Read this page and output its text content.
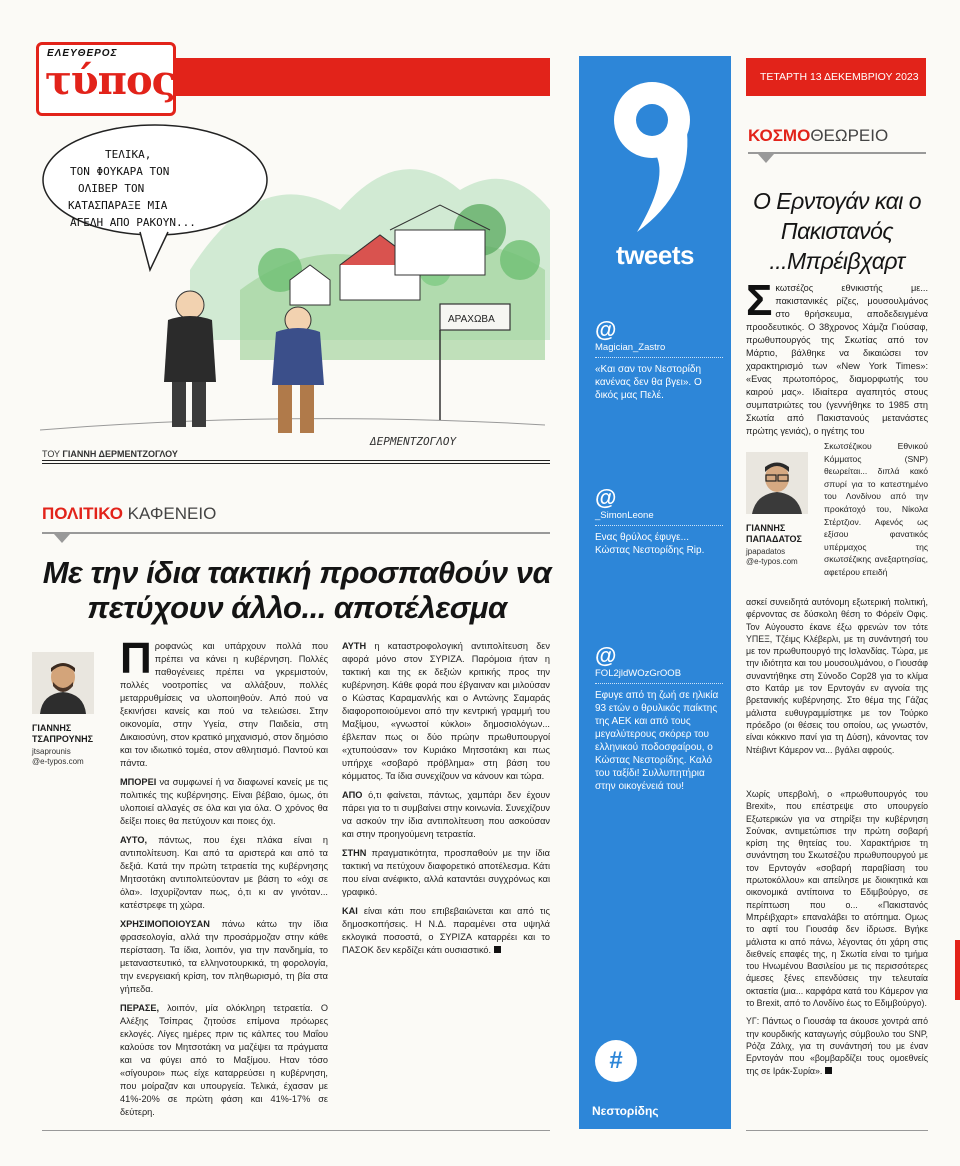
ΕΛΕΥΘΕΡΟΣ
τύπος
ΑΡΑΧΩΒΑ
ΤΕΛΙΚΑ, ΤΟΝ ΦΟΥΚΑΡΑ ΤΟΝ ΟΛΙΒΕΡ ΤΟΝ ΚΑΤΑΣΠΑΡΑΞΕ ΜΙΑ ΑΓΕΛΗ ΑΠΟ ΡΑΚΟΥΝ...
ΔΕΡΜΕΝΤΖΟΓΛΟΥ
ΤΟΥ ΓΙΑΝΝΗ ΔΕΡΜΕΝΤΖΟΓΛΟΥ
ΠΟΛΙΤΙΚΟ ΚΑΦΕΝΕΙΟ
Με την ίδια τακτική προσπαθούν να πετύχουν άλλο... αποτέλεσμα
ΓΙΑΝΝΗΣ
ΤΣΑΠΡΟΥΝΗΣ
jtsaprounis
@e-typos.com

Προφανώς και υπάρχουν πολλά που πρέπει να κάνει η κυβέρνηση. Πολλές παθογένειες πρέπει να γκρεμιστούν, πολλές νοοτροπίες να αλλάξουν, πολλές μεταρρυθμίσεις να υλοποιηθούν. Από πού να ξεκινήσει κανείς και πού να τελειώσει. Στην οικονομία, στην Υγεία, στην Παιδεία, στη Δικαιοσύνη, στον κρατικό μηχανισμό, στον δημόσιο και τον ιδιωτικό τομέα, στον αθλητισμό. Παντού και πάντα.

ΜΠΟΡΕΙ να συμφωνεί ή να διαφωνεί κανείς με τις πολιτικές της κυβέρνησης. Είναι βέβαιο, όμως, ότι υλοποιεί αλλαγές σε όλα και για όλα. Ο χρόνος θα δείξει ποιες θα πετύχουν και ποιες όχι.

ΑΥΤΟ, πάντως, που έχει πλάκα είναι η αντιπολίτευση. Και από τα αριστερά και από τα δεξιά. Κατά την πρώτη τετραετία της κυβέρνησης Μητσοτάκη αντιπολιτεύονταν με βάση το «όχι σε όλα». Ισχυρίζονταν πως, ό,τι κι αν γινόταν... κατέστρεφε τη χώρα.

ΧΡΗΣΙΜΟΠΟΙΟΥΣΑΝ πάνω κάτω την ίδια φρασεολογία, αλλά την προσάρμοζαν στην κάθε περίσταση. Τα ίδια, λοιπόν, για την πανδημία, το μεταναστευτικό, τα ελληνοτουρκικά, τη φορολογία, την ενεργειακή κρίση, τον πληθωρισμό, τη βία στα γήπεδα.

ΠΕΡΑΣΕ, λοιπόν, μία ολόκληρη τετραετία. Ο Αλέξης Τσίπρας ζητούσε επίμονα πρόωρες εκλογές. Λίγες ημέρες πριν τις κάλπες του Μαΐου καλούσε τον Μητσοτάκη να μαζέψει τα πράγματα και να φύγει από το Μαξίμου. Ηταν τόσο «σίγουροι» πως είχε καταρρεύσει η κυβέρνηση, που μοίραζαν και υπουργεία. Τελικά, έχασαν με 41%-20% σε πρώτη φάση και 41%-17% σε δεύτερη.

ΑΥΤΗ η καταστροφολογική αντιπολίτευση δεν αφορά μόνο στον ΣΥΡΙΖΑ. Παρόμοια ήταν η τακτική και της εκ δεξιών κριτικής προς την κυβέρνηση. Κάθε φορά που έβγαιναν και μιλούσαν ο Κώστας Καραμανλής και ο Αντώνης Σαμαράς διαφοροποιούμενοι από την κεντρική γραμμή του Μαξίμου, «γνωστοί κύκλοι» δημοσιολόγων... έβλεπαν πως οι δύο πρώην πρωθυπουργοί «χτυπούσαν» τον Κυριάκο Μητσοτάκη και πως υπήρχε «σοβαρό πρόβλημα» στη βάση του κόμματος. Τα ίδια συνεχίζουν να κάνουν και τώρα.

ΑΠΟ ό,τι φαίνεται, πάντως, χαμπάρι δεν έχουν πάρει για το τι συμβαίνει στην κοινωνία. Συνεχίζουν να ασκούν την ίδια αντιπολίτευση που ασκούσαν και στην προηγούμενη τετραετία.

ΣΤΗΝ πραγματικότητα, προσπαθούν με την ίδια τακτική να πετύχουν διαφορετικό αποτέλεσμα. Κάτι που είναι ανέφικτο, αλλά καταντάει συγχρόνως και γραφικό.

ΚΑΙ είναι κάτι που επιβεβαιώνεται και από τις δημοσκοπήσεις. Η Ν.Δ. παραμένει στα υψηλά εκλογικά ποσοστά, ο ΣΥΡΙΖΑ καταρρέει και το ΠΑΣΟΚ δεν κερδίζει κάτι ουσιαστικό.

tweets
@
Magician_Zastro
«Και σαν τον Νεστορίδη κανένας δεν θα βγει». Ο δικός μας Πελέ.
@
_SimonLeone
Ενας θρύλος έφυγε... Κώστας Νεστορίδης Rip.
@
FOL2jldWOzGrOOB
Εφυγε από τη ζωή σε ηλικία 93 ετών ο θρυλικός παίκτης της ΑΕΚ και από τους μεγαλύτερους σκόρερ του ελληνικού ποδοσφαίρου, ο Κώστας Νεστορίδης. Καλό του ταξίδι! Συλλυπητήρια στην οικογένειά του!
#
Νεστορίδης
ΤΕΤΑΡΤΗ 13 ΔΕΚΕΜΒΡΙΟΥ 2023
ΚΟΣΜΟΘΕΩΡΕΙΟ
Ο Ερντογάν και ο Πακιστανός ...Μπρέιβχαρτ

Σκωτσέζος εθνικιστής με... πακιστανικές ρίζες, μουσουλμάνος στο θρήσκευμα, αποδεδειγμένα προοδευτικός. Ο 38χρονος Χάμζα Γιούσαφ, πρωθυπουργός της Σκωτίας από τον Μάρτιο, βάλθηκε να δικαιώσει τον χαρακτηρισμό των «New York Times»: «Ενας πρωτοπόρος, διαμορφωτής του καιρού μας». Ιδιαίτερα αγαπητός στους συμπατριώτες του (γεννήθηκε το 1985 στη Σκωτία από Πακιστανούς μετανάστες πρώτης γενιάς), ο ηγέτης του

ΓΙΑΝΝΗΣ
ΠΑΠΑΔΑΤΟΣ
jpapadatos
@e-typos.com

Σκωτσέζικου Εθνικού Κόμματος (SNP) θεωρείται... διπλά κακό σπυρί για το κατεστημένο του Λονδίνου από την προκάτοχό του, Νίκολα Στέρτζιον. Αφενός ως εξίσου φανατικός υπέρμαχος της σκωτσέζικης ανεξαρτησίας, αφετέρου επειδή

ασκεί συνειδητά αυτόνομη εξωτερική πολιτική, φέρνοντας σε δύσκολη θέση το Φόρεϊν Οφις. Τον Αύγουστο έκανε έξω φρενών τον τότε ΥΠΕΞ, Τζέιμς Κλέβερλι, με τη συνάντησή του με τον πρωθυπουργό της Ισλανδίας. Τώρα, με την ιδιότητα και του μουσουλμάνου, ο Γιουσάφ συναντήθηκε στη Σύνοδο Cop28 για το κλίμα στο Κατάρ με τον Ερντογάν εν αγνοία της βρετανικής κυβέρνησης. Στο θέμα της Γάζας μάλιστα ευθυγραμμίστηκε με τον Τούρκο πρόεδρο (οι θέσεις του οποίου, ως γνωστόν, είναι κόκκινο πανί για τη Δύση), κάνοντας τον Ντέιβιντ Κάμερον να... βγάλει αφρούς.

Χωρίς υπερβολή, ο «πρωθυπουργός του Brexit», που επέστρεψε στο υπουργείο Εξωτερικών για να στηρίξει την κυβέρνηση Σούνακ, αντιμετώπισε την πρώτη σοβαρή κρίση της θητείας του. Χαρακτήρισε τη συνάντηση του Σκωτσέζου πρωθυπουργού με τον Ερντογάν «σοβαρή παραβίαση του πρωτοκόλλου» και απείλησε με διοικητικά και οικονομικά αντίποινα το Εδιμβούργο, σε περίπτωση που ο... «Πακιστανός Μπρέιβχαρτ» επαναλάβει το ατόπημα. Ομως το αφτί του Γιουσάφ δεν ίδρωσε. Βγήκε μάλιστα κι από πάνω, λέγοντας ότι χάρη στις διεθνείς επαφές της, η Σκωτία είναι το τμήμα του Ηνωμένου Βασιλείου με τις περισσότερες άμεσες ξένες επενδύσεις την τελευταία οκταετία (μια... καρφάρα κατά του Κάμερον για το Brexit, από το Λονδίνο έως το Εδιμβούργο).

ΥΓ: Πάντως ο Γιουσάφ τα άκουσε χοντρά από την κουρδικής καταγωγής σύμβουλο του SNP, Ρόζα Ζάλιχ, για τη συνάντησή του με έναν Ερντογάν που «βομβαρδίζει τους ομοεθνείς της σε Ιράκ-Συρία».
